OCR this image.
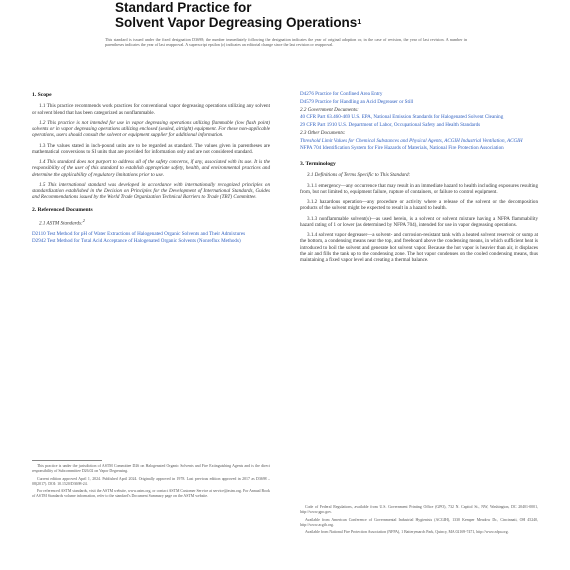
Standard Practice for
Solvent Vapor Degreasing Operations$^1$
This standard is issued under the fixed designation D3698; the number immediately following the designation indicates the year of original adoption or, in the case of revision, the year of last revision. A number in parentheses indicates the year of last reapproval. A superscript epsilon (ε) indicates an editorial change since the last revision or reapproval.
1. Scope

1.1 This practice recommends work practices for conventional vapor degreasing operations utilizing any solvent or solvent blend that has been categorized as nonflammable.

1.2 This practice is not intended for use in vapor degreasing operations utilizing flammable (low flash point) solvents or in vapor degreasing operations utilizing enclosed (sealed, airtight) equipment. For these non-applicable operations, users should consult the solvent or equipment supplier for additional information.

1.3 The values stated in inch-pound units are to be regarded as standard. The values given in parentheses are mathematical conversions to SI units that are provided for information only and are not considered standard.

1.4 This standard does not purport to address all of the safety concerns, if any, associated with its use. It is the responsibility of the user of this standard to establish appropriate safety, health, and environmental practices and determine the applicability of regulatory limitations prior to use.

1.5 This international standard was developed in accordance with internationally recognized principles on standardization established in the Decision on Principles for the Development of International Standards, Guides and Recommendations issued by the World Trade Organization Technical Barriers to Trade (TBT) Committee.

2. Referenced Documents

2.1 ASTM Standards:$^2$

D2110 Test Method for pH of Water Extractions of Halogenated Organic Solvents and Their Admixtures
D2942 Test Method for Total Acid Acceptance of Halogenated Organic Solvents (Nonreflux Methods)
D4276 Practice for Confined Area Entry
D4579 Practice for Handling an Acid Degreaser or Still
2.2 Government Documents:
40 CFR Part 63.460-469 U.S. EPA, National Emission Standards for Halogenated Solvent Cleaning
29 CFR Part 1910 U.S. Department of Labor, Occupational Safety and Health Standards
2.3 Other Documents:
Threshold Limit Values for Chemical Substances and Physical Agents, ACGIH Industrial Ventilation, ACGIH
NFPA 704 Identification System for Fire Hazards of Materials, National Fire Protection Association
3. Terminology

3.1 Definitions of Terms Specific to This Standard:

3.1.1 emergency—any occurrence that may result in an immediate hazard to health including exposures resulting from, but not limited to, equipment failure, rupture of containers, or failure to control equipment.

3.1.2 hazardous operation—any procedure or activity where a release of the solvent or the decomposition products of the solvent might be expected to result in a hazard to health.

3.1.3 nonflammable solvent(s)—as used herein, is a solvent or solvent mixture having a NFPA flammability hazard rating of 1 or lower (as determined by NFPA 704), intended for use in vapor degreasing operations.

3.1.4 solvent vapor degreaser—a solvent- and corrosion-resistant tank with a heated solvent reservoir or sump at the bottom, a condensing means near the top, and freeboard above the condensing means, in which sufficient heat is introduced to boil the solvent and generate hot solvent vapor. Because the hot vapor is heavier than air, it displaces the air and fills the tank up to the condensing zone. The hot vapor condenses on the cooled condensing means, thus maintaining a fixed vapor level and creating a thermal balance.

This practice is under the jurisdiction of ASTM Committee D26 on Halogenated Organic Solvents and Fire Extinguishing Agents and is the direct responsibility of Subcommittee D26.02 on Vapor Degreasing.

Current edition approved April 1, 2024. Published April 2024. Originally approved in 1978. Last previous edition approved in 2017 as D3698 – 08(2017). DOI: 10.1520/D3698-24.

For referenced ASTM standards, visit the ASTM website, www.astm.org, or contact ASTM Customer Service at service@astm.org. For Annual Book of ASTM Standards volume information, refer to the standard's Document Summary page on the ASTM website.

Code of Federal Regulations, available from U.S. Government Printing Office (GPO), 732 N. Capitol St., NW, Washington, DC 20401-0001, http://www.gpo.gov.

Available from American Conference of Governmental Industrial Hygienists (ACGIH), 1330 Kemper Meadow Dr., Cincinnati, OH 45240, http://www.acgih.org.

Available from National Fire Protection Association (NFPA), 1 Batterymarch Park, Quincy, MA 02169-7471, http://www.nfpa.org.
